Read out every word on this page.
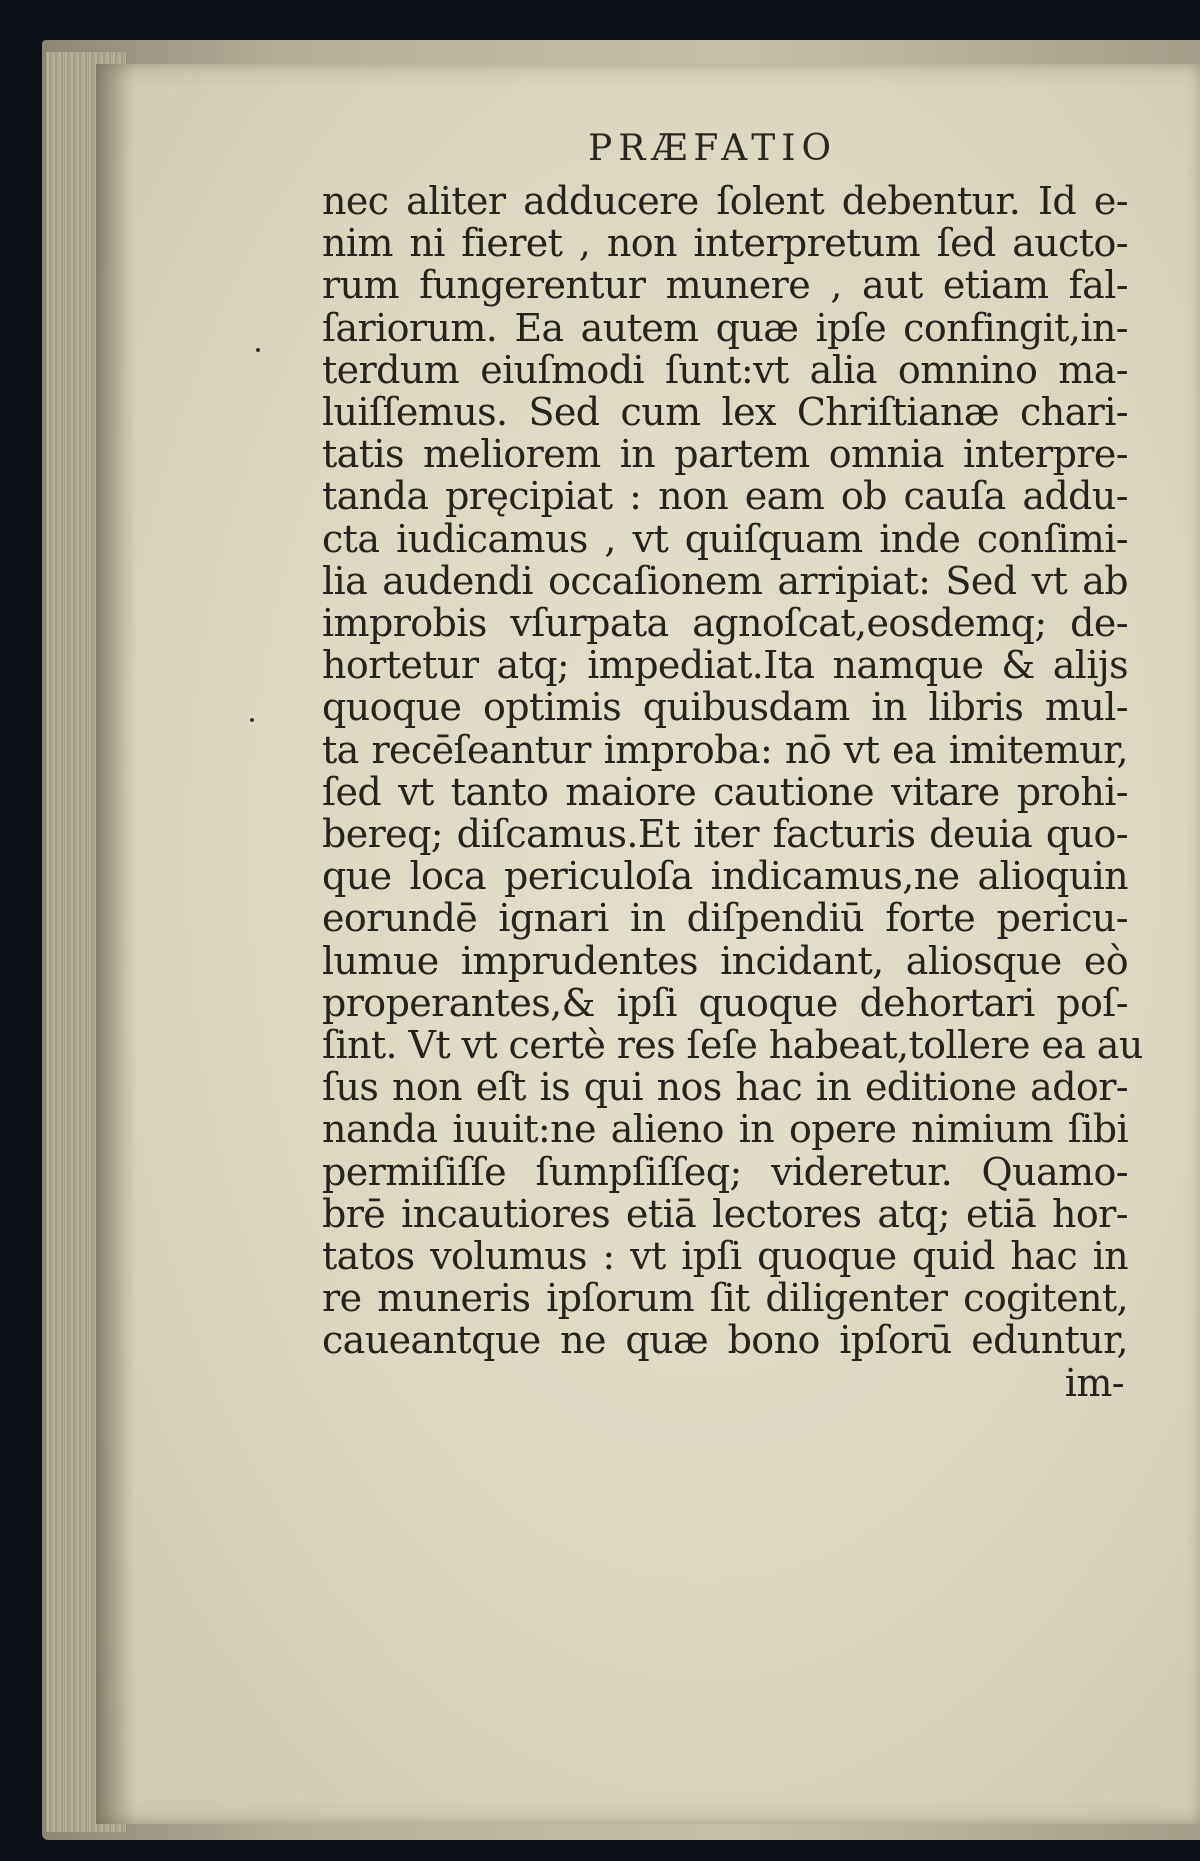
PRÆFATIO
nec aliter adducere ſolent debentur. Id e-
nim ni fieret , non interpretum ſed aucto-
rum fungerentur munere , aut etiam fal-
ſariorum. Ea autem quæ ipſe confingit,in-
terdum eiuſmodi ſunt:vt alia omnino ma-
luiſſemus. Sed cum lex Chriſtianæ chari-
tatis meliorem in partem omnia interpre-
tanda pręcipiat : non eam ob cauſa addu-
cta iudicamus , vt quiſquam inde conſimi-
lia audendi occaſionem arripiat: Sed vt ab
improbis vſurpata agnoſcat,eosdemq; de-
hortetur atq; impediat.Ita namque & alijs
quoque optimis quibusdam in libris mul-
ta recēſeantur improba: nō vt ea imitemur,
ſed vt tanto maiore cautione vitare prohi-
bereq; diſcamus.Et iter facturis deuia quo-
que loca periculoſa indicamus,ne alioquin
eorundē ignari in diſpendiū forte pericu-
lumue imprudentes incidant, aliosque eò
properantes,& ipſi quoque dehortari poſ-
ſint. Vt vt certè res ſeſe habeat,tollere ea au
ſus non eſt is qui nos hac in editione ador-
nanda iuuit:ne alieno in opere nimium ſibi
permiſiſſe ſumpſiſſeq; videretur. Quamo-
brē incautiores etiā lectores atq; etiā hor-
tatos volumus : vt ipſi quoque quid hac in
re muneris ipſorum ſit diligenter cogitent,
caueantque ne quæ bono ipſorū eduntur,
im-
